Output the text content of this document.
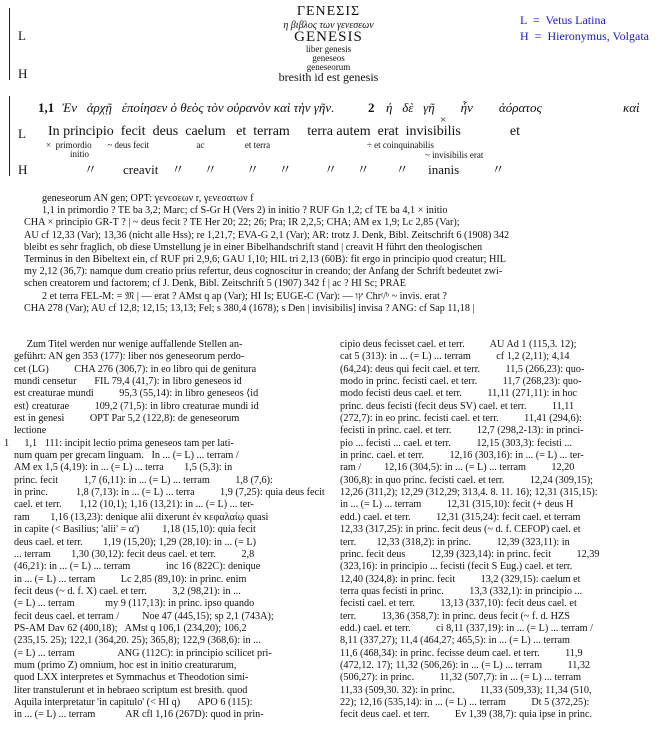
L  =  Vetus Latina
H  =  Hieronymus, Volgata
L
H
ΓΕΝΕΣΙΣ
η βιβλος των γενεσεων
GENESIS
liber genesis
geneseos
geneseorum
bresith id est genesis
L
H
1,1 Ἐν   ἀρχῇ   ἐποίησεν ὁ θεὸς τὸν οὐρανὸν καὶ τὴν γῆν.	2 ἡ   δὲ   γῆ        ἦν        ἀόρατος                         καὶ
×
In principio  fecit  deus  caelum   et  terram     terra autem  erat  invisibilis              et
×  primordio       ~ deus fecit                     ac                  et terra                                           ÷ et coinquinabilis
initio	~ invisibilis erat
〃        creavit    〃      〃         〃      〃          〃      〃        〃      inanis          〃
geneseorum AN gen; OPT: γενεσεων r, γενεσατων f
1,1 in primordio ? TE ba 3,2; Marc; cf S-Gr H (Vers 2) in initio ? RUF Gn 1,2; cf TE ba 4,1 × initio
CHA × principio GR-T ? | ~ deus fecit ? TE Her 20; 22; 26; Pra; IR 2,2,5; CHA; AM ex 1,9; Lc 2,85 (Var);
AU cf 12,33 (Var); 13,36 (nicht alle Hss); re 1,21,7; EVA-G 2,1 (Var); AR: trotz J. Denk, Bibl. Zeitschrift 6 (1908) 342
bleibt es sehr fraglich, ob diese Umstellung je in einer Bibelhandschrift stand | creavit H führt den theologischen
Terminus in den Bibeltext ein, cf RUF pri 2,9,6; GAU 1,10; HIL tri 2,13 (60B): fit ergo in principio quod creatur; HIL
my 2,12 (36,7): namque dum creatio prius refertur, deus cognoscitur in creando; der Anfang der Schrift bedeutet zwi-
schen creatorem und factorem; cf J. Denk, Bibl. Zeitschrift 5 (1907) 342 f | ac ? HI Sc; PRAE
2 et terra FEL-M: = 𝔐 | — erat ? AMst q ap (Var); HI Is; EUGE-C (Var): — ץו Chrᵗ/ᵇ ~ invis. erat ?
CHA 278 (Var); AU cf 12,8; 12,15; 13,13; Fel; s 380,4 (1678); s Den | invisibilis] invisa ? ANG: cf Sap 11,18 |
Zum Titel werden nur wenige auffallende Stellen an-
geführt: AN gen 353 (177): liber nos geneseorum perdo-
cet (LG)          CHA 276 (306,7): in eo libro qui de genitura
mundi censetur       FIL 79,4 (41,7): in libro geneseos id
est creaturae mundi          95,3 (55,14): in libro geneseos ⟨id
est⟩ creaturae          109,2 (71,5): in libro creaturae mundi id
est in genesi          OPT Par 5,2 (122,8): de geneseorum
lectione
1      1,1   111: incipit lectio prima geneseos tam per lati-
num quam per grecam linguam.   In ... (= L) ... terram /
AM ex 1,5 (4,19): in ... (= L) ... terra        1,5 (5,3): in
princ. fecit          1,7 (6,11): in ... (= L) ... terram          1,8 (7,6):
in princ.           1,8 (7,13): in ... (= L) ... terra          1,9 (7,25): quia deus fecit
cael. et terr.       1,12 (10,1); 1,16 (13,21): in ... (= L) ... ter-
ram        1,16 (13,23): denique alii dixerunt ἐν κεφαλαίῳ quasi
in capite (< Basilius; 'alii' = α')         1,18 (15,10): quia fecit
deus cael. et terr.        1,19 (15,20); 1,29 (28,10): in ... (= L)
... terram        1,30 (30,12): fecit deus cael. et terr.          2,8
(46,21): in ... (= L) ... terram              inc 16 (822C): denique
in ... (= L) ... terram          Lc 2,85 (89,10): in princ. enim
fecit deus (~ d. f. X) cael. et terr.          3,2 (98,21): in ...
(= L) ... terram            my 9 (117,13): in princ. ipso quando
fecit deus cael. et terram /         Noe 47 (445,15); sp 2,1 (743A);
PS-AM Dav 62 (400,18);   AMst q 106,1 (234,20); 106,2
(235,15. 25); 122,1 (364,20. 25); 365,8); 122,9 (368,6): in ...
(= L) ... terram                 ANG (112C): in principio scilicet pri-
mum (primo Z) omnium, hoc est in initio creaturarum,
quod LXX interpretes et Symmachus et Theodotion simi-
liter transtulerunt et in hebraeo scriptum est bresith. quod
Aquila interpretatur 'in capitulo' (< HI q)       APO 6 (115):
in ... (= L) ... terram            AR cfl 1,16 (267D): quod in prin-
cipio deus fecisset cael. et terr.          AU Ad 1 (115,3. 12);
cat 5 (313): in ... (= L) ... terram          cf 1,2 (2,11); 4,14
(64,24): deus qui fecit cael. et terr.          11,5 (266,23): quo-
modo in princ. fecisti cael. et terr.          11,7 (268,23): quo-
modo fecisti deus cael. et terr.          11,11 (271,11): in hoc
princ. deus fecisti (fecit deus SV) cael. et terr.          11,11
(272,7): in eo princ. fecisti cael. et terr.          11,41 (294,6):
fecisti in princ. cael. et terr.          12,7 (298,2-13): in princi-
pio ... fecisti ... cael. et terr.          12,15 (303,3): fecisti ...
in princ. cael. et terr.          12,16 (303,16): in ... (= L) ... ter-
ram /         12,16 (304,5): in ... (= L) ... terram          12,20
(306,8): in quo princ. fecisti cael. et terr.          12,24 (309,15);
12,26 (311,2); 12,29 (312,29; 313,4. 8. 11. 16); 12,31 (315,15):
in ... (= L) ... terram          12,31 (315,10): fecit (+ deus H
edd.) cael. et terr.          12,31 (315,24): fecit cael. et terram
12,33 (317,25): in princ. fecit deus (~ d. f. CEFOP) cael. et
terr.        12,33 (318,2): in princ.          12,39 (323,11): in
princ. fecit deus          12,39 (323,14): in princ. fecit          12,39
(323,16): in principio ... fecisti (fecit S Eug.) cael. et terr.
12,40 (324,8): in princ. fecit          13,2 (329,15): caelum et
terra quas fecisti in princ.          13,3 (332,1): in principio ...
fecisti cael. et terr.          13,13 (337,10): fecit deus cael. et
terr.          13,36 (358,7): in princ. deus fecit (~ f. d. HZS
edd.) cael. et terr.          ci 8,11 (337,19): in ... (= L) ... terram /
8,11 (337,27); 11,4 (464,27; 465,5): in ... (= L) ... terram
11,6 (468,34): in princ. fecisse deum cael. et terr.          11,9
(472,12. 17); 11,32 (506,26): in ... (= L) ... terram          11,32
(506,27): in princ.          11,32 (507,7): in ... (= L) ... terram
11,33 (509,30. 32): in princ.          11,33 (509,33); 11,34 (510,
22); 12,16 (535,14): in ... (= L) ... terram          Dt 5 (372,25):
fecit deus cael. et terr.          Ev 1,39 (38,7): quia ipse in princ.
